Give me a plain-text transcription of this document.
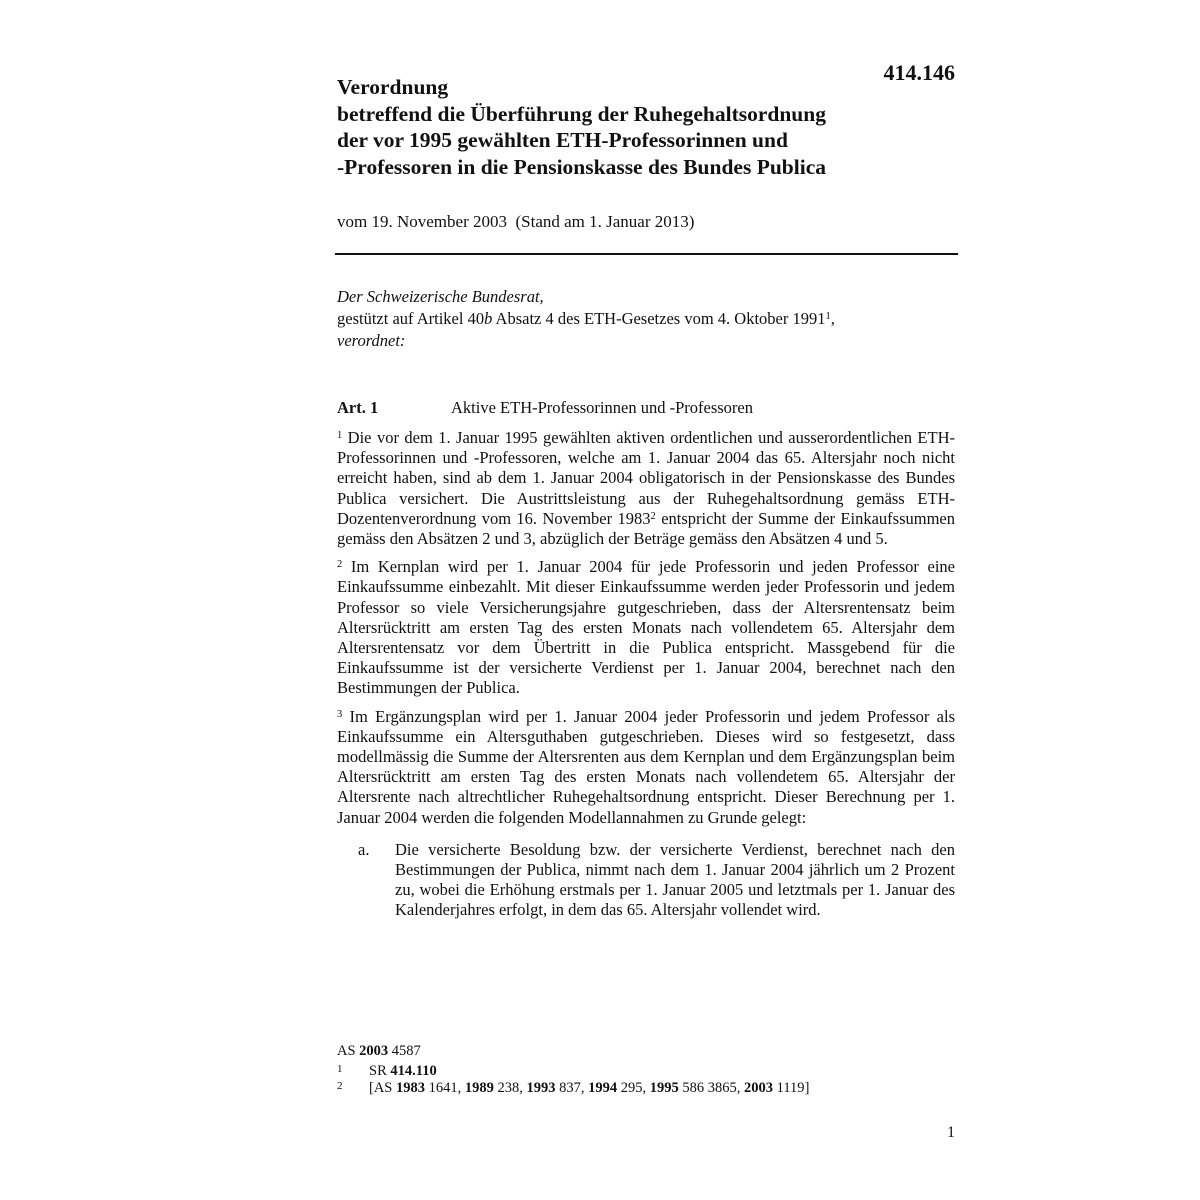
414.146
Verordnung
betreffend die Überführung der Ruhegehaltsordnung
der vor 1995 gewählten ETH-Professorinnen und
-Professoren in die Pensionskasse des Bundes Publica
vom 19. November 2003  (Stand am 1. Januar 2013)
Der Schweizerische Bundesrat,
gestützt auf Artikel 40b Absatz 4 des ETH-Gesetzes vom 4. Oktober 1991$^1$,
verordnet:
Art. 1	Aktive ETH-Professorinnen und -Professoren

$^1$ Die vor dem 1. Januar 1995 gewählten aktiven ordentlichen und ausserordentlichen ETH-Professorinnen und -Professoren, welche am 1. Januar 2004 das 65. Altersjahr noch nicht erreicht haben, sind ab dem 1. Januar 2004 obligatorisch in der Pensionskasse des Bundes Publica versichert. Die Austrittsleistung aus der Ruhegehaltsordnung gemäss ETH-Dozentenverordnung vom 16. November 1983$^2$ entspricht der Summe der Einkaufssummen gemäss den Absätzen 2 und 3, abzüglich der Beträge gemäss den Absätzen 4 und 5.

$^2$ Im Kernplan wird per 1. Januar 2004 für jede Professorin und jeden Professor eine Einkaufssumme einbezahlt. Mit dieser Einkaufssumme werden jeder Professorin und jedem Professor so viele Versicherungsjahre gutgeschrieben, dass der Altersrentensatz beim Altersrücktritt am ersten Tag des ersten Monats nach vollendetem 65. Altersjahr dem Altersrentensatz vor dem Übertritt in die Publica entspricht. Massgebend für die Einkaufssumme ist der versicherte Verdienst per 1. Januar 2004, berechnet nach den Bestimmungen der Publica.

$^3$ Im Ergänzungsplan wird per 1. Januar 2004 jeder Professorin und jedem Professor als Einkaufssumme ein Altersguthaben gutgeschrieben. Dieses wird so festgesetzt, dass modellmässig die Summe der Altersrenten aus dem Kernplan und dem Ergänzungsplan beim Altersrücktritt am ersten Tag des ersten Monats nach vollendetem 65. Altersjahr der Altersrente nach altrechtlicher Ruhegehaltsordnung entspricht. Dieser Berechnung per 1. Januar 2004 werden die folgenden Modellannahmen zu Grunde gelegt:

a. Die versicherte Besoldung bzw. der versicherte Verdienst, berechnet nach den Bestimmungen der Publica, nimmt nach dem 1. Januar 2004 jährlich um 2 Prozent zu, wobei die Erhöhung erstmals per 1. Januar 2005 und letztmals per 1. Januar des Kalenderjahres erfolgt, in dem das 65. Altersjahr vollendet wird.
AS 2003 4587
1 SR 414.110
2 [AS 1983 1641, 1989 238, 1993 837, 1994 295, 1995 586 3865, 2003 1119]
1
